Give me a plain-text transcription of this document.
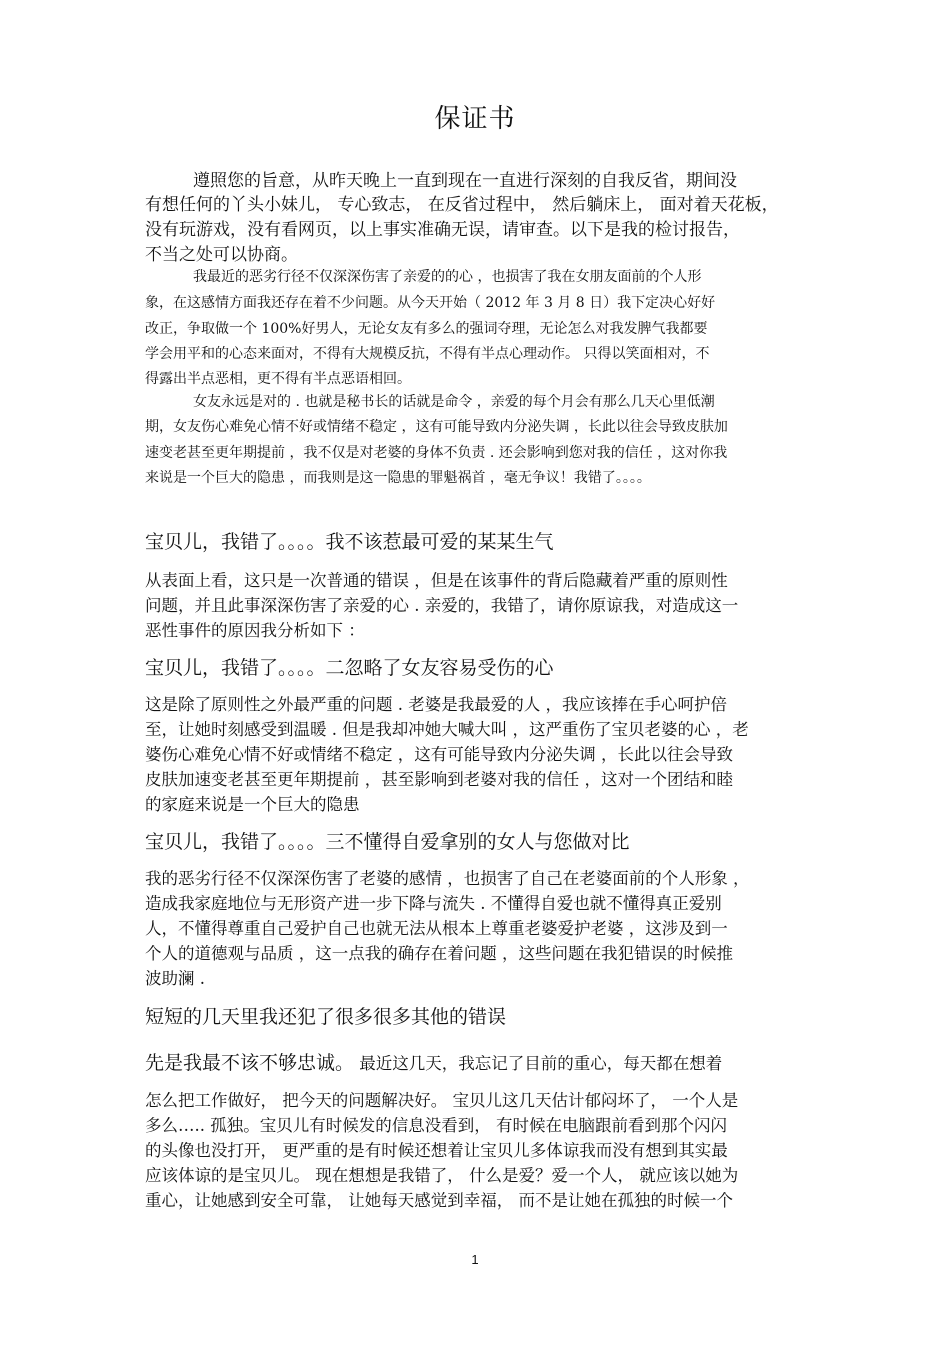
保证书
遵照您的旨意，从昨天晚上一直到现在一直进行深刻的自我反省，期间没
有想任何的丫头小妹儿， 专心致志， 在反省过程中， 然后躺床上， 面对着天花板，
没有玩游戏，没有看网页，以上事实准确无误，请审查。以下是我的检讨报告，
不当之处可以协商。
我最近的恶劣行径不仅深深伤害了亲爱的的心 ，也损害了我在女朋友面前的个人形
象，在这感情方面我还存在着不少问题。从今天开始（ 2012 年 3 月 8 日）我下定决心好好
改正，争取做一个 100%好男人，无论女友有多么的强词夺理，无论怎么对我发脾气我都要
学会用平和的心态来面对，不得有大规模反抗，不得有半点心理动作。 只得以笑面相对，不
得露出半点恶相，更不得有半点恶语相回。
女友永远是对的 . 也就是秘书长的话就是命令 ，亲爱的每个月会有那么几天心里低潮
期，女友伤心难免心情不好或情绪不稳定 ，这有可能导致内分泌失调 ，长此以往会导致皮肤加
速变老甚至更年期提前 ，我不仅是对老婆的身体不负责 . 还会影响到您对我的信任 ，这对你我
来说是一个巨大的隐患 ，而我则是这一隐患的罪魁祸首 ，毫无争议！我错了。。。。
宝贝儿，我错了。。。。我不该惹最可爱的某某生气
从表面上看，这只是一次普通的错误 ，但是在该事件的背后隐藏着严重的原则性
问题，并且此事深深伤害了亲爱的心 . 亲爱的，我错了，请你原谅我，对造成这一
恶性事件的原因我分析如下 ：
宝贝儿，我错了。。。。二忽略了女友容易受伤的心
这是除了原则性之外最严重的问题 . 老婆是我最爱的人 ，我应该捧在手心呵护倍
至，让她时刻感受到温暖 . 但是我却冲她大喊大叫 ，这严重伤了宝贝老婆的心 ，老
婆伤心难免心情不好或情绪不稳定 ，这有可能导致内分泌失调 ，长此以往会导致
皮肤加速变老甚至更年期提前 ，甚至影响到老婆对我的信任 ，这对一个团结和睦
的家庭来说是一个巨大的隐患
宝贝儿，我错了。。。。三不懂得自爱拿别的女人与您做对比
我的恶劣行径不仅深深伤害了老婆的感情 ，也损害了自己在老婆面前的个人形象 ，
造成我家庭地位与无形资产进一步下降与流失 . 不懂得自爱也就不懂得真正爱别
人，不懂得尊重自己爱护自己也就无法从根本上尊重老婆爱护老婆 ，这涉及到一
个人的道德观与品质 ，这一点我的确存在着问题 ，这些问题在我犯错误的时候推
波助澜 .
短短的几天里我还犯了很多很多其他的错误
先是我最不该不够忠诚。 最近这几天，我忘记了目前的重心，每天都在想着
怎么把工作做好， 把今天的问题解决好。 宝贝儿这几天估计郁闷坏了， 一个人是
多么….. 孤独。宝贝儿有时候发的信息没看到， 有时候在电脑跟前看到那个闪闪
的头像也没打开， 更严重的是有时候还想着让宝贝儿多体谅我而没有想到其实最
应该体谅的是宝贝儿。 现在想想是我错了， 什么是爱？爱一个人， 就应该以她为
重心，让她感到安全可靠， 让她每天感觉到幸福， 而不是让她在孤独的时候一个
1
